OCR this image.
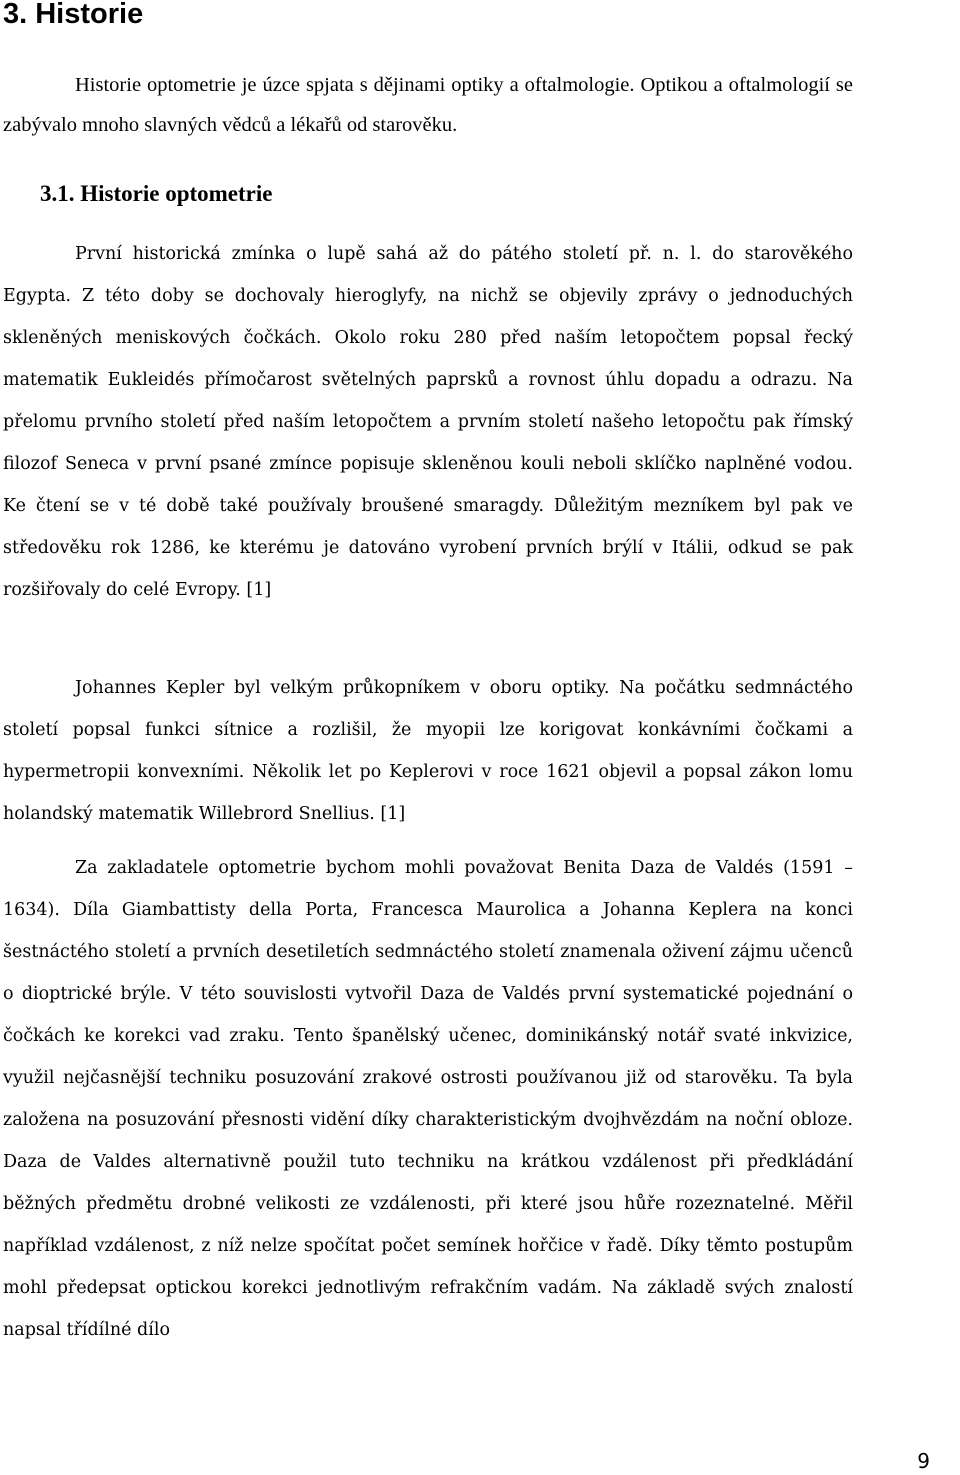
3. Historie

Historie optometrie je úzce spjata s dějinami optiky a oftalmologie. Optikou a oftalmologií se zabývalo mnoho slavných vědců a lékařů od starověku.

3.1. Historie optometrie

První historická zmínka o lupě sahá až do pátého století př. n. l. do starověkého Egypta. Z této doby se dochovaly hieroglyfy, na nichž se objevily zprávy o jednoduchých skleněných meniskových čočkách. Okolo roku 280 před naším letopočtem popsal řecký matematik Eukleidés přímočarost světelných paprsků a rovnost úhlu dopadu a odrazu. Na přelomu prvního století před naším letopočtem a prvním století našeho letopočtu pak římský filozof Seneca v první psané zmínce popisuje skleněnou kouli neboli sklíčko naplněné vodou. Ke čtení se v té době také používaly broušené smaragdy. Důležitým mezníkem byl pak ve středověku rok 1286, ke kterému je datováno vyrobení prvních brýlí v Itálii, odkud se pak rozšiřovaly do celé Evropy. [1]

Johannes Kepler byl velkým průkopníkem v oboru optiky. Na počátku sedmnáctého století popsal funkci sítnice a rozlišil, že myopii lze korigovat konkávními čočkami a hypermetropii konvexními. Několik let po Keplerovi v roce 1621 objevil a popsal zákon lomu holandský matematik Willebrord Snellius. [1]

Za zakladatele optometrie bychom mohli považovat Benita Daza de Valdés (1591 – 1634). Díla Giambattisty della Porta, Francesca Maurolica a Johanna Keplera na konci šestnáctého století a prvních desetiletích sedmnáctého století znamenala oživení zájmu učenců o dioptrické brýle. V této souvislosti vytvořil Daza de Valdés první systematické pojednání o čočkách ke korekci vad zraku. Tento španělský učenec, dominikánský notář svaté inkvizice, využil nejčasnější techniku posuzování zrakové ostrosti používanou již od starověku. Ta byla založena na posuzování přesnosti vidění díky charakteristickým dvojhvězdám na noční obloze. Daza de Valdes alternativně použil tuto techniku na krátkou vzdálenost při předkládání běžných předmětu drobné velikosti ze vzdálenosti, při které jsou hůře rozeznatelné. Měřil například vzdálenost, z níž nelze spočítat počet semínek hořčice v řadě. Díky těmto postupům mohl předepsat optickou korekci jednotlivým refrakčním vadám. Na základě svých znalostí napsal třídílné dílo

9
